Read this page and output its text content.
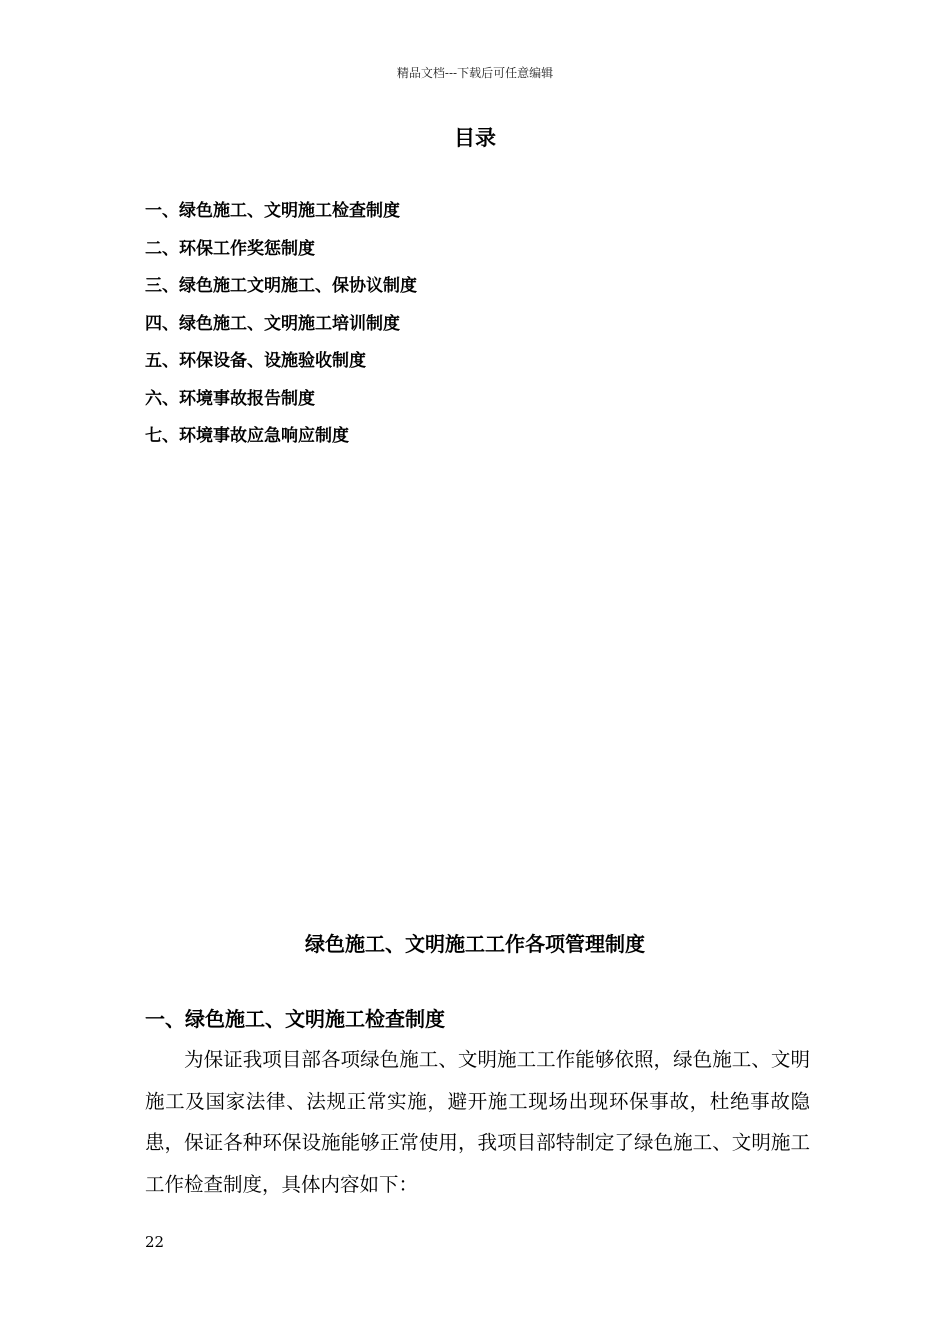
精品文档---下载后可任意编辑
目录
一、绿色施工、文明施工检查制度
二、环保工作奖惩制度
三、绿色施工文明施工、保协议制度
四、绿色施工、文明施工培训制度
五、环保设备、设施验收制度
六、环境事故报告制度
七、环境事故应急响应制度
绿色施工、文明施工工作各项管理制度
一、绿色施工、文明施工检查制度

为保证我项目部各项绿色施工、文明施工工作能够依照，绿色施工、文明施工及国家法律、法规正常实施，避开施工现场出现环保事故，杜绝事故隐患，保证各种环保设施能够正常使用，我项目部特制定了绿色施工、文明施工工作检查制度，具体内容如下：

22
